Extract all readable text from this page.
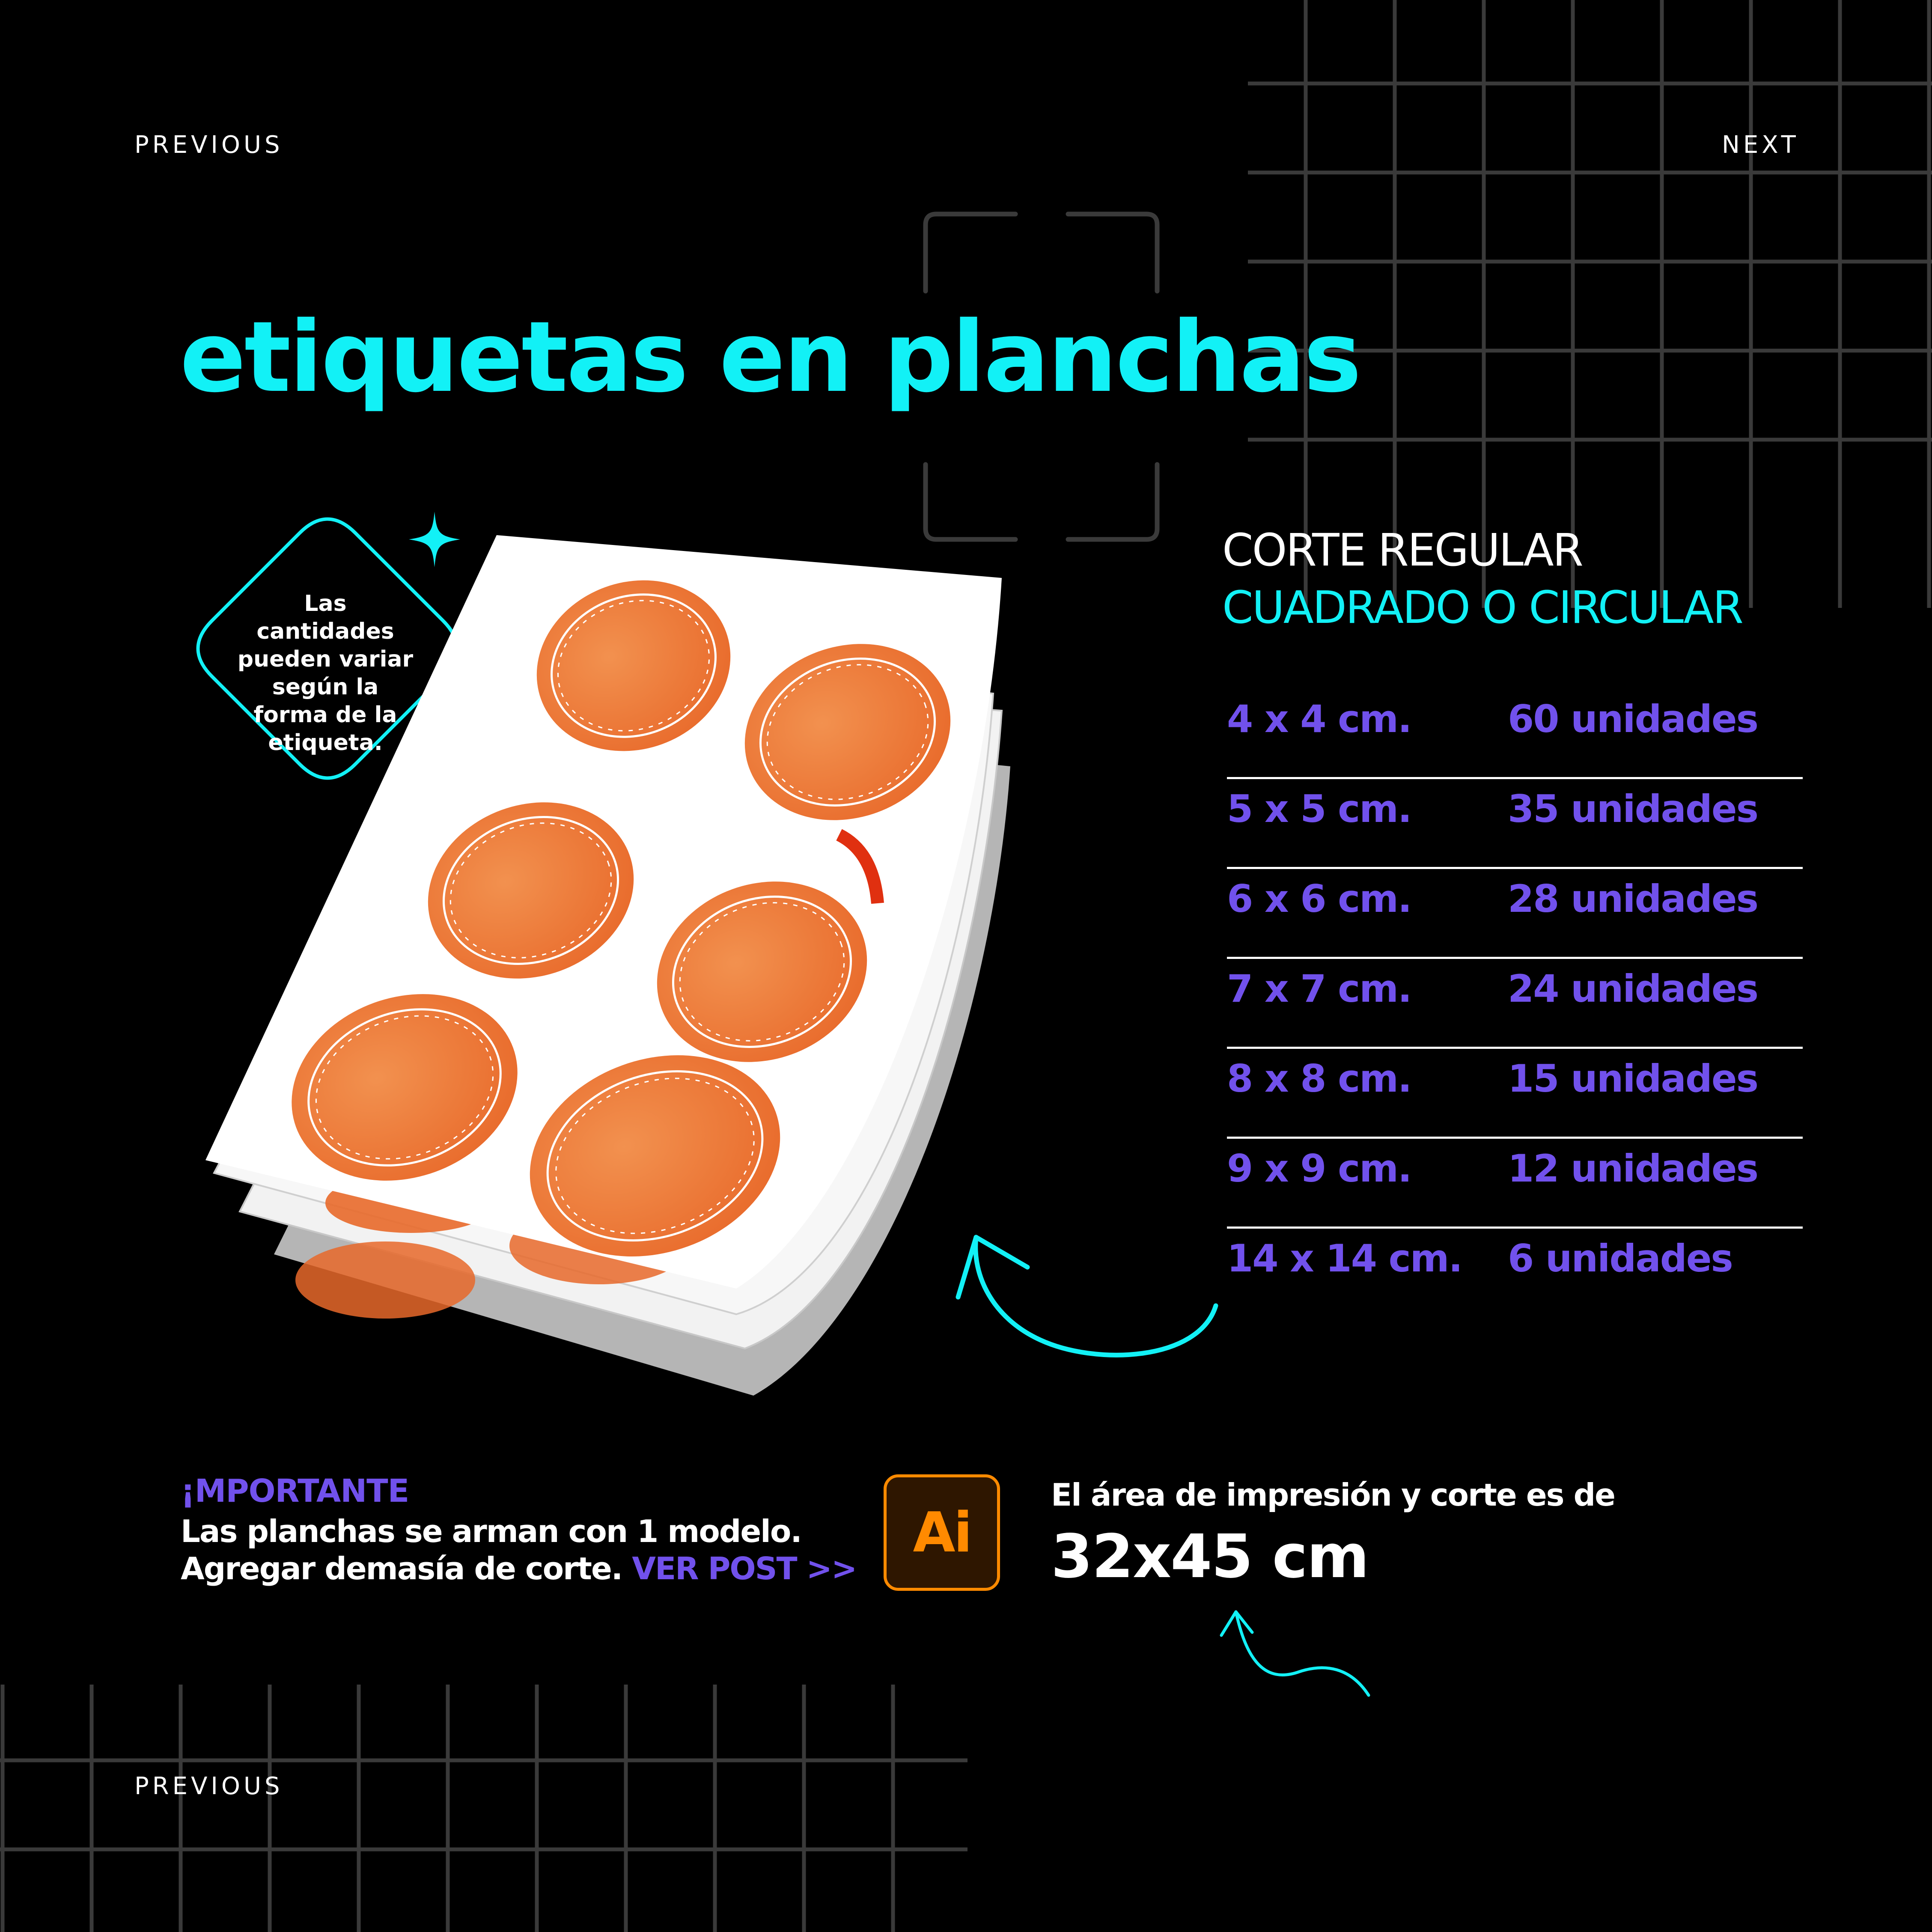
PREVIOUS	NEXT
PREVIOUS
etiquetas en planchas
Las
cantidades
pueden variar
según la
forma de la
etiqueta.
CORTE REGULAR
CUADRADO O CIRCULAR
4 x 4 cm.	60 unidades
5 x 5 cm.	35 unidades
6 x 6 cm.	28 unidades
7 x 7 cm.	24 unidades
8 x 8 cm.	15 unidades
9 x 9 cm.	12 unidades
14 x 14 cm. 6 unidades
¡MPORTANTE
Las planchas se arman con 1 modelo.
Agregar demasía de corte. VER POST >>
Ai
El área de impresión y corte es de
32x45 cm
